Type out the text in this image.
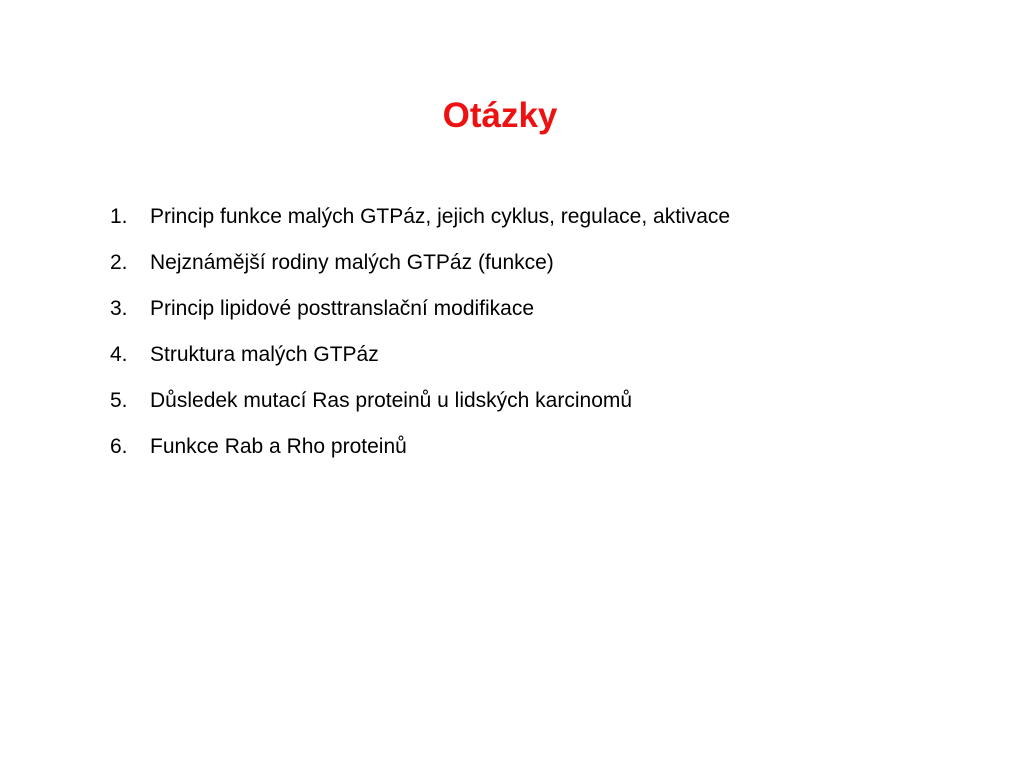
Otázky
1.	Princip funkce malých GTPáz, jejich cyklus, regulace, aktivace
2.	Nejznámější rodiny malých GTPáz (funkce)
3.	Princip lipidové posttranslační modifikace
4.	Struktura malých GTPáz
5.	Důsledek mutací Ras proteinů u lidských karcinomů
6.	Funkce Rab a Rho proteinů
